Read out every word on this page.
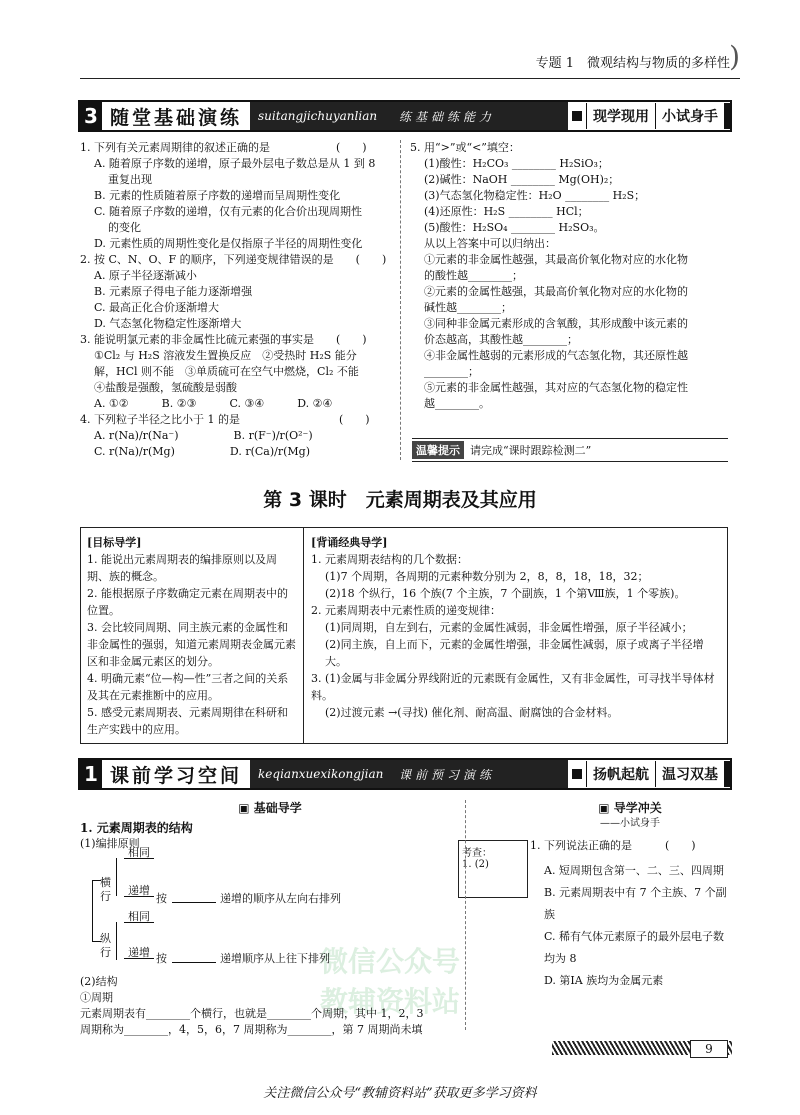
)
专题 1　微观结构与物质的多样性
3 随堂基础演练	suitangjichuyanlian	练基础练能力	现学现用 小试身手

1. 下列有关元素周期律的叙述正确的是　　　　　　(　　)

A. 随着原子序数的递增，原子最外层电子数总是从 1 到 8

重复出现

B. 元素的性质随着原子序数的递增而呈周期性变化

C. 随着原子序数的递增，仅有元素的化合价出现周期性

的变化

D. 元素性质的周期性变化是仅指原子半径的周期性变化

2. 按 C、N、O、F 的顺序，下列递变规律错误的是　　(　　)

A. 原子半径逐渐减小

B. 元素原子得电子能力逐渐增强

C. 最高正化合价逐渐增大

D. 气态氢化物稳定性逐渐增大

3. 能说明氯元素的非金属性比硫元素强的事实是　　(　　)

①Cl₂ 与 H₂S 溶液发生置换反应　②受热时 H₂S 能分

解，HCl 则不能　③单质硫可在空气中燃烧，Cl₂ 不能

④盐酸是强酸，氢硫酸是弱酸

A. ①②　　　B. ②③　　　C. ③④　　　D. ②④

4. 下列粒子半径之比小于 1 的是　　　　　　　　　(　　)

A. r(Na)/r(Na⁻)　　　　　B. r(F⁻)/r(O²⁻)

C. r(Na)/r(Mg)　　　　　D. r(Ca)/r(Mg)

5. 用“>”或“<”填空：

(1)酸性：H₂CO₃ ________ H₂SiO₃；

(2)碱性：NaOH ________ Mg(OH)₂；

(3)气态氢化物稳定性：H₂O ________ H₂S；

(4)还原性：H₂S ________ HCl；

(5)酸性：H₂SO₄ ________ H₂SO₃。

从以上答案中可以归纳出：

①元素的非金属性越强，其最高价氧化物对应的水化物

的酸性越________；

②元素的金属性越强，其最高价氧化物对应的水化物的

碱性越________；

③同种非金属元素形成的含氧酸，其形成酸中该元素的

价态越高，其酸性越________；

④非金属性越弱的元素形成的气态氢化物，其还原性越

________；

⑤元素的非金属性越强，其对应的气态氢化物的稳定性

越________。

温馨提示 请完成“课时跟踪检测二”
第 3 课时　元素周期表及其应用
[目标导学]
1. 能说出元素周期表的编排原则以及周期、族的概念。
2. 能根据原子序数确定元素在周期表中的位置。
3. 会比较同周期、同主族元素的金属性和非金属性的强弱，知道元素周期表金属元素区和非金属元素区的划分。
4. 明确元素“位—构—性”三者之间的关系及其在元素推断中的应用。
5. 感受元素周期表、元素周期律在科研和生产实践中的应用。
[背诵经典导学]
1. 元素周期表结构的几个数据：
(1)7 个周期，各周期的元素种数分别为 2，8，8，18，18，32；
(2)18 个纵行，16 个族(7 个主族，7 个副族，1 个第Ⅷ族，1 个零族)。
2. 元素周期表中元素性质的递变规律：
(1)同周期，自左到右，元素的金属性减弱，非金属性增强，原子半径减小；
(2)同主族，自上而下，元素的金属性增强，非金属性减弱，原子或离子半径增大。
3. (1)金属与非金属分界线附近的元素既有金属性，又有非金属性，可寻找半导体材料。
(2)过渡元素 →(寻找) 催化剂、耐高温、耐腐蚀的合金材料。
1 课前学习空间	keqianxuexikongjian	课前预习演练	扬帆起航 温习双基
微信公众号
教辅资料站
▣ 基础导学
1. 元素周期表的结构
(1)编排原则
横行
纵行
相同
递增
按	递增的顺序从左向右排列
相同
递增 按	递增顺序从上往下排列
(2)结构
①周期
元素周期表有________个横行，也就是________个周期，其中 1，2，3
周期称为________，4，5，6，7 周期称为________，第 7 周期尚未填
考查：
1. (2)
▣ 导学冲关
——小试身手
1. 下列说法正确的是　　　(　　)
A. 短周期包含第一、二、三、四周期
B. 元素周期表中有 7 个主族、7 个副族
C. 稀有气体元素原子的最外层电子数均为 8
D. 第ⅠA 族均为金属元素
9
关注微信公众号“教辅资料站”获取更多学习资料
